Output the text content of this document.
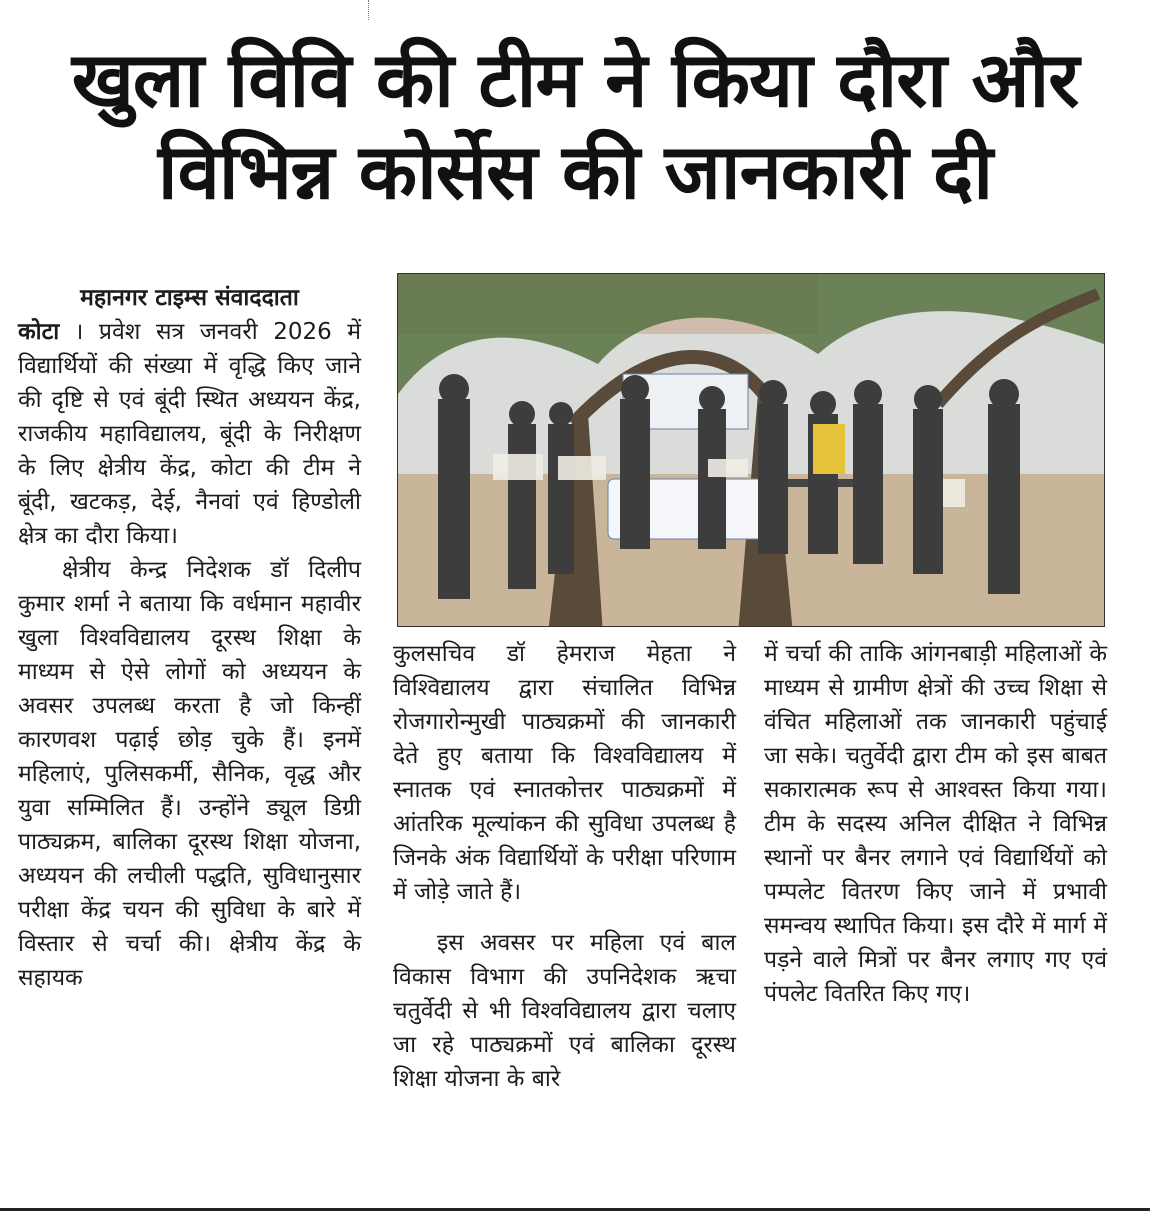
खुला विवि की टीम ने किया दौरा और
विभिन्न कोर्सेस की जानकारी दी

महानगर टाइम्स संवाददाता

कोटा । प्रवेश सत्र जनवरी 2026 में विद्यार्थियों की संख्या में वृद्धि किए जाने की दृष्टि से एवं बूंदी स्थित अध्ययन केंद्र, राजकीय महाविद्यालय, बूंदी के निरीक्षण के लिए क्षेत्रीय केंद्र, कोटा की टीम ने बूंदी, खटकड़, देई, नैनवां एवं हिण्डोली क्षेत्र का दौरा किया।

क्षेत्रीय केन्द्र निदेशक डॉ दिलीप कुमार शर्मा ने बताया कि वर्धमान महावीर खुला विश्वविद्यालय दूरस्थ शिक्षा के माध्यम से ऐसे लोगों को अध्ययन के अवसर उपलब्ध करता है जो किन्हीं कारणवश पढ़ाई छोड़ चुके हैं। इनमें महिलाएं, पुलिसकर्मी, सैनिक, वृद्ध और युवा सम्मिलित हैं। उन्होंने ड्यूल डिग्री पाठ्यक्रम, बालिका दूरस्थ शिक्षा योजना, अध्ययन की लचीली पद्धति, सुविधानुसार परीक्षा केंद्र चयन की सुविधा के बारे में विस्तार से चर्चा की। क्षेत्रीय केंद्र के सहायक

कुलसचिव डॉ हेमराज मेहता ने विश्विद्यालय द्वारा संचालित विभिन्न रोजगारोन्मुखी पाठ्यक्रमों की जानकारी देते हुए बताया कि विश्वविद्यालय में स्नातक एवं स्नातकोत्तर पाठ्यक्रमों में आंतरिक मूल्यांकन की सुविधा उपलब्ध है जिनके अंक विद्यार्थियों के परीक्षा परिणाम में जोड़े जाते हैं।

इस अवसर पर महिला एवं बाल विकास विभाग की उपनिदेशक ऋचा चतुर्वेदी से भी विश्वविद्यालय द्वारा चलाए जा रहे पाठ्यक्रमों एवं बालिका दूरस्थ शिक्षा योजना के बारे

में चर्चा की ताकि आंगनबाड़ी महिलाओं के माध्यम से ग्रामीण क्षेत्रों की उच्च शिक्षा से वंचित महिलाओं तक जानकारी पहुंचाई जा सके। चतुर्वेदी द्वारा टीम को इस बाबत सकारात्मक रूप से आश्वस्त किया गया। टीम के सदस्य अनिल दीक्षित ने विभिन्न स्थानों पर बैनर लगाने एवं विद्यार्थियों को पम्पलेट वितरण किए जाने में प्रभावी समन्वय स्थापित किया। इस दौरे में मार्ग में पड़ने वाले मित्रों पर बैनर लगाए गए एवं पंपलेट वितरित किए गए।
